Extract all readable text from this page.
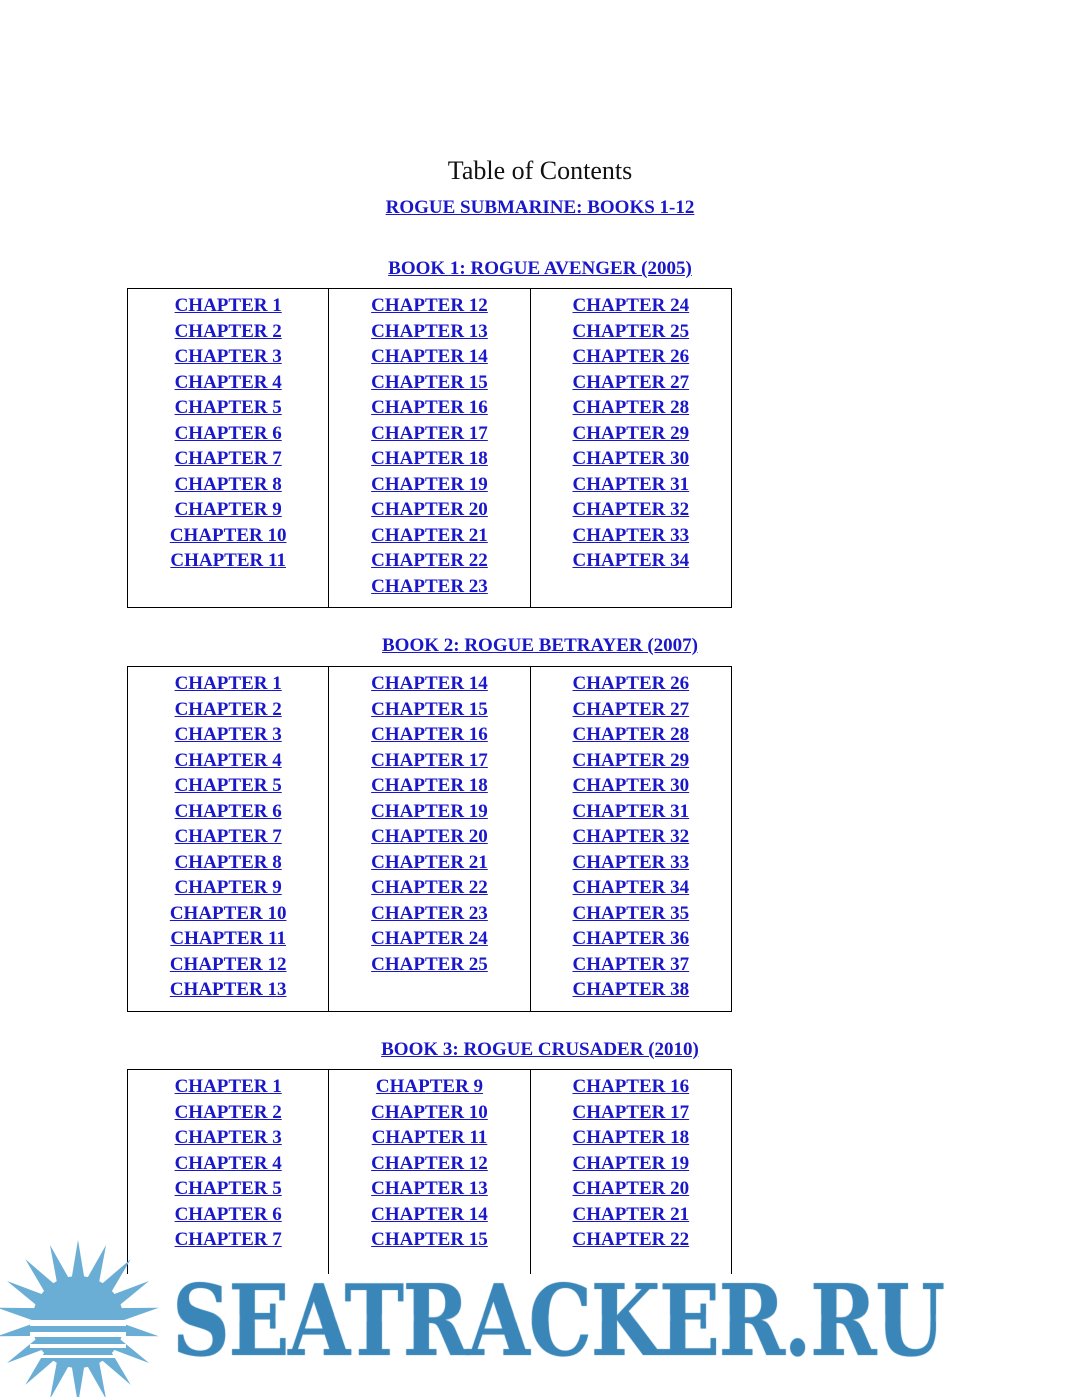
Table of Contents
ROGUE SUBMARINE: BOOKS 1-12
BOOK 1: ROGUE AVENGER (2005)
CHAPTER 1
CHAPTER 2
CHAPTER 3
CHAPTER 4
CHAPTER 5
CHAPTER 6
CHAPTER 7
CHAPTER 8
CHAPTER 9
CHAPTER 10
CHAPTER 11
CHAPTER 12
CHAPTER 13
CHAPTER 14
CHAPTER 15
CHAPTER 16
CHAPTER 17
CHAPTER 18
CHAPTER 19
CHAPTER 20
CHAPTER 21
CHAPTER 22
CHAPTER 23
CHAPTER 24
CHAPTER 25
CHAPTER 26
CHAPTER 27
CHAPTER 28
CHAPTER 29
CHAPTER 30
CHAPTER 31
CHAPTER 32
CHAPTER 33
CHAPTER 34
BOOK 2: ROGUE BETRAYER (2007)
CHAPTER 1
CHAPTER 2
CHAPTER 3
CHAPTER 4
CHAPTER 5
CHAPTER 6
CHAPTER 7
CHAPTER 8
CHAPTER 9
CHAPTER 10
CHAPTER 11
CHAPTER 12
CHAPTER 13
CHAPTER 14
CHAPTER 15
CHAPTER 16
CHAPTER 17
CHAPTER 18
CHAPTER 19
CHAPTER 20
CHAPTER 21
CHAPTER 22
CHAPTER 23
CHAPTER 24
CHAPTER 25
CHAPTER 26
CHAPTER 27
CHAPTER 28
CHAPTER 29
CHAPTER 30
CHAPTER 31
CHAPTER 32
CHAPTER 33
CHAPTER 34
CHAPTER 35
CHAPTER 36
CHAPTER 37
CHAPTER 38
BOOK 3: ROGUE CRUSADER (2010)
CHAPTER 1
CHAPTER 2
CHAPTER 3
CHAPTER 4
CHAPTER 5
CHAPTER 6
CHAPTER 7
CHAPTER 9
CHAPTER 10
CHAPTER 11
CHAPTER 12
CHAPTER 13
CHAPTER 14
CHAPTER 15
CHAPTER 16
CHAPTER 17
CHAPTER 18
CHAPTER 19
CHAPTER 20
CHAPTER 21
CHAPTER 22
SEATRACKER.RU
